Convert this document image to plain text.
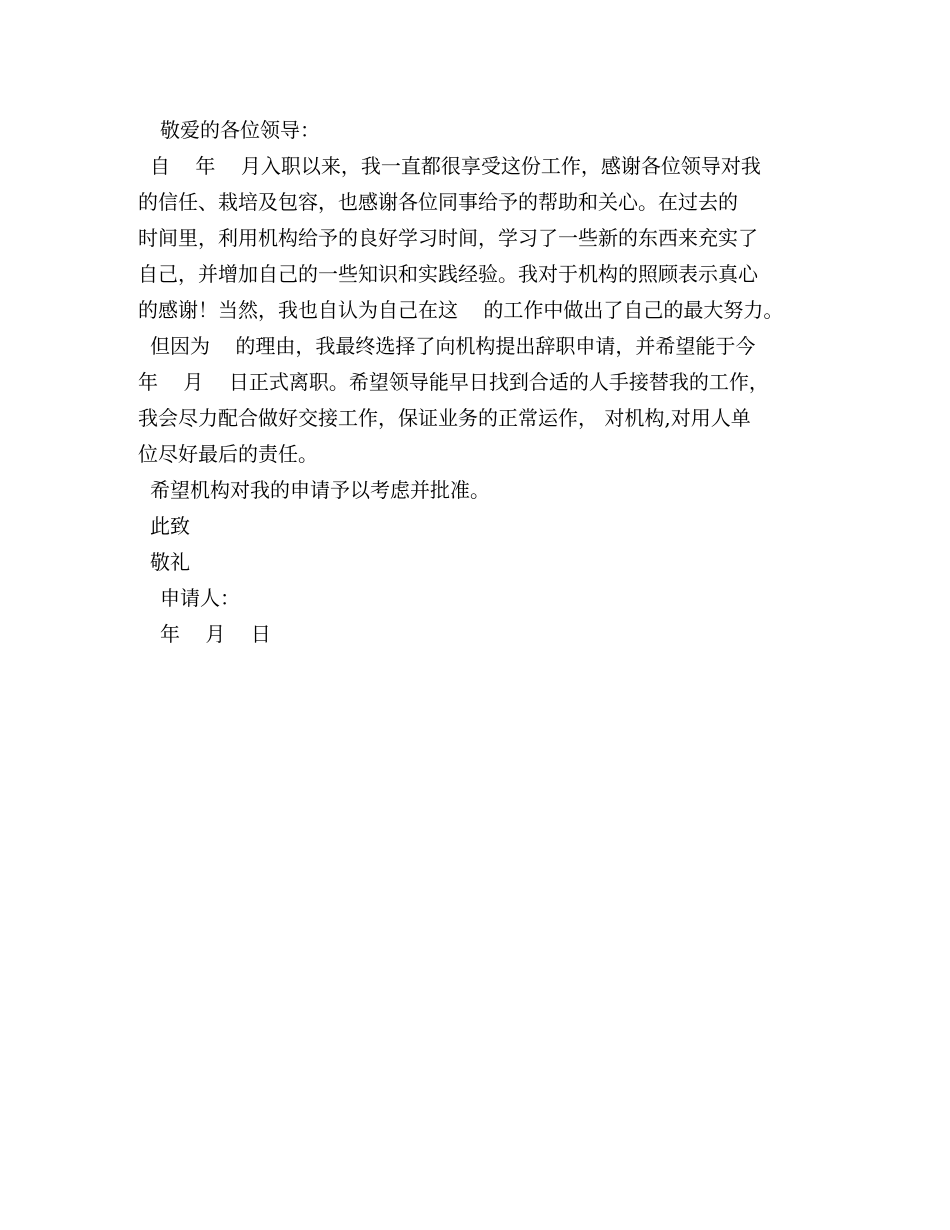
敬爱的各位领导：
自    年    月入职以来，我一直都很享受这份工作，感谢各位领导对我
的信任、栽培及包容，也感谢各位同事给予的帮助和关心。在过去的
时间里，利用机构给予的良好学习时间，学习了一些新的东西来充实了
自己，并增加自己的一些知识和实践经验。我对于机构的照顾表示真心
的感谢！当然，我也自认为自己在这    的工作中做出了自己的最大努力。
但因为    的理由，我最终选择了向机构提出辞职申请，并希望能于今
年    月    日正式离职。希望领导能早日找到合适的人手接替我的工作，
我会尽力配合做好交接工作，保证业务的正常运作， 对机构,对用人单
位尽好最后的责任。
希望机构对我的申请予以考虑并批准。
此致
敬礼
申请人：
年    月    日
